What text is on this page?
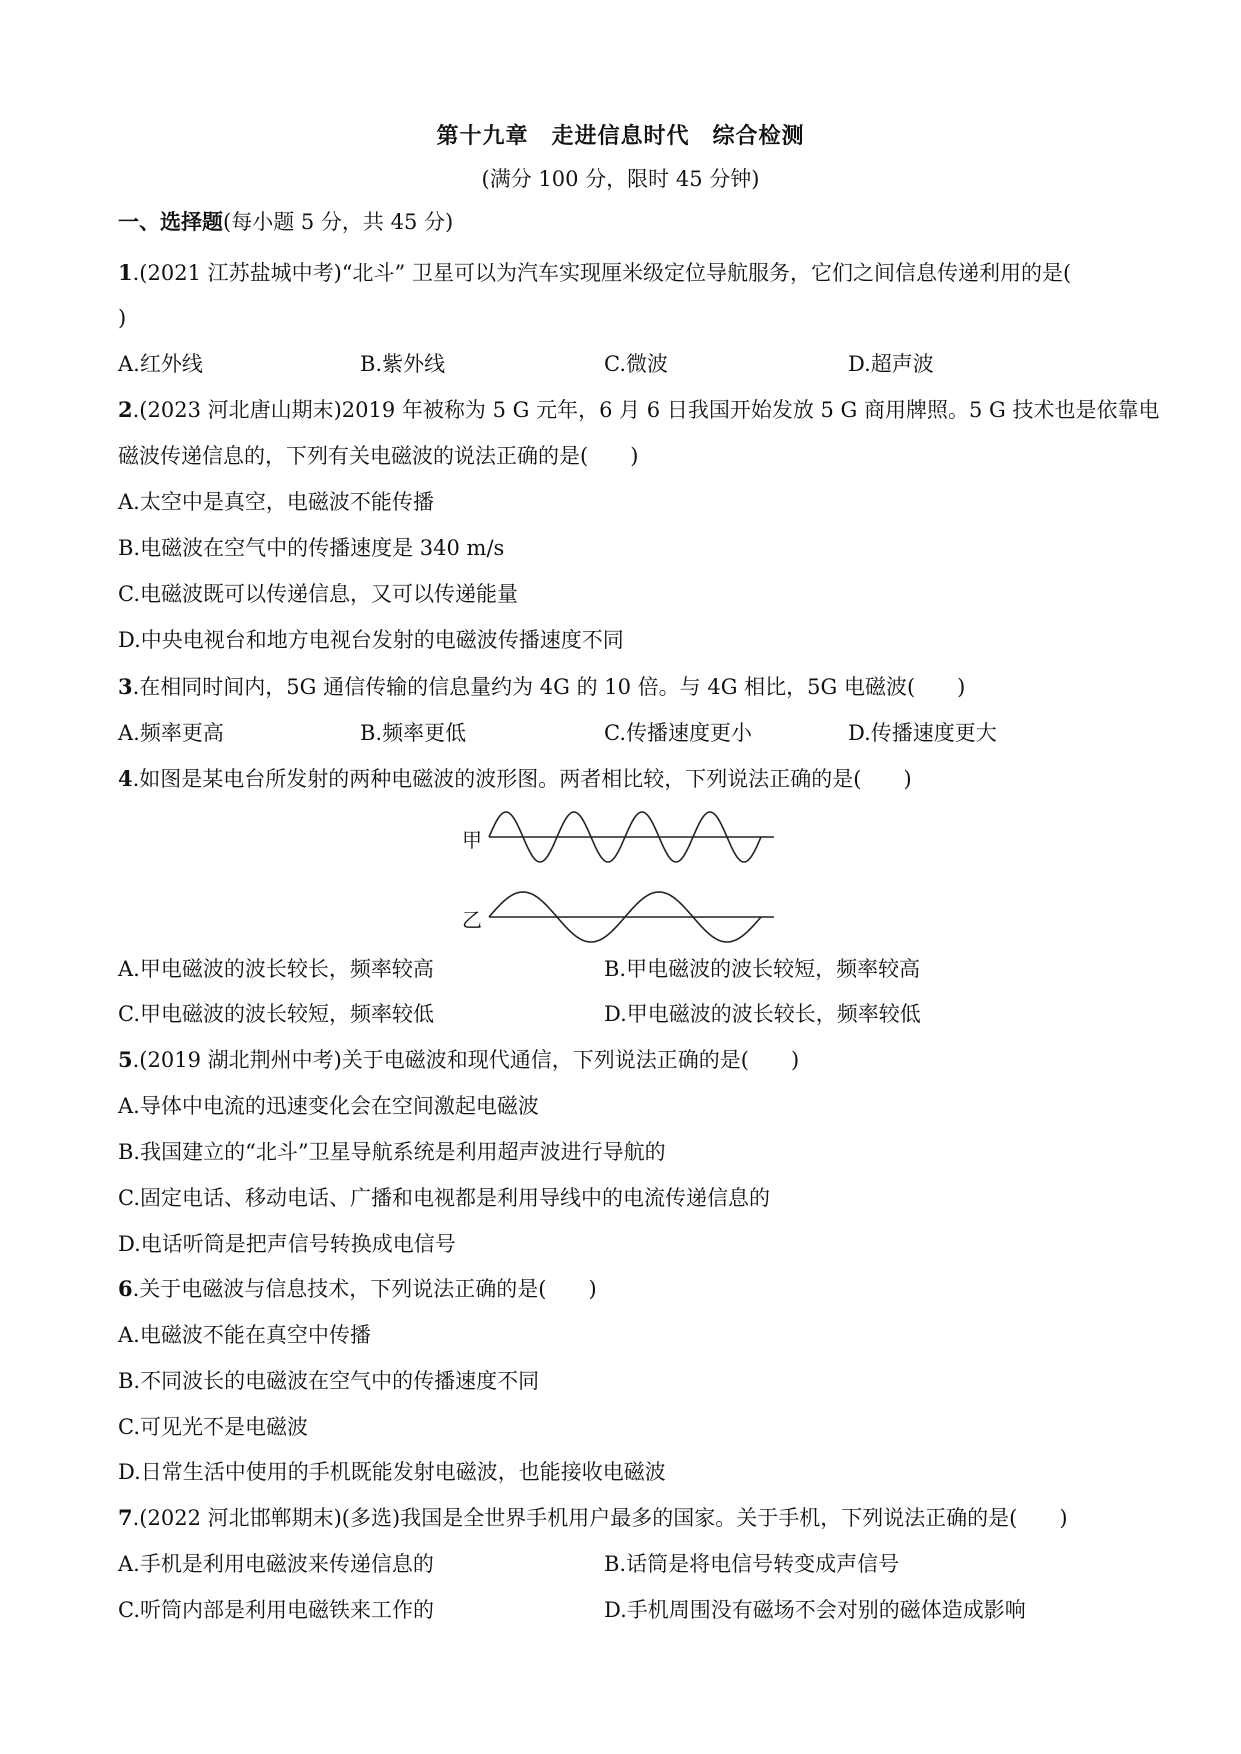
第十九章　走进信息时代　综合检测
(满分 100 分，限时 45 分钟)
一、选择题(每小题 5 分，共 45 分)
1.(2021 江苏盐城中考)“北斗” 卫星可以为汽车实现厘米级定位导航服务，它们之间信息传递利用的是(
)
A.红外线	B.紫外线	C.微波	D.超声波
2.(2023 河北唐山期末)2019 年被称为 5 G 元年，6 月 6 日我国开始发放 5 G 商用牌照。5 G 技术也是依靠电
磁波传递信息的，下列有关电磁波的说法正确的是(　　)
A.太空中是真空，电磁波不能传播
B.电磁波在空气中的传播速度是 340 m/s
C.电磁波既可以传递信息，又可以传递能量
D.中央电视台和地方电视台发射的电磁波传播速度不同
3.在相同时间内，5G 通信传输的信息量约为 4G 的 10 倍。与 4G 相比，5G 电磁波(　　)
A.频率更高	B.频率更低	C.传播速度更小	D.传播速度更大
4.如图是某电台所发射的两种电磁波的波形图。两者相比较，下列说法正确的是(　　)
甲
乙
A.甲电磁波的波长较长，频率较高	B.甲电磁波的波长较短，频率较高
C.甲电磁波的波长较短，频率较低	D.甲电磁波的波长较长，频率较低
5.(2019 湖北荆州中考)关于电磁波和现代通信，下列说法正确的是(　　)
A.导体中电流的迅速变化会在空间激起电磁波
B.我国建立的“北斗”卫星导航系统是利用超声波进行导航的
C.固定电话、移动电话、广播和电视都是利用导线中的电流传递信息的
D.电话听筒是把声信号转换成电信号
6.关于电磁波与信息技术，下列说法正确的是(　　)
A.电磁波不能在真空中传播
B.不同波长的电磁波在空气中的传播速度不同
C.可见光不是电磁波
D.日常生活中使用的手机既能发射电磁波，也能接收电磁波
7.(2022 河北邯郸期末)(多选)我国是全世界手机用户最多的国家。关于手机，下列说法正确的是(　　)
A.手机是利用电磁波来传递信息的	B.话筒是将电信号转变成声信号
C.听筒内部是利用电磁铁来工作的	D.手机周围没有磁场不会对别的磁体造成影响
